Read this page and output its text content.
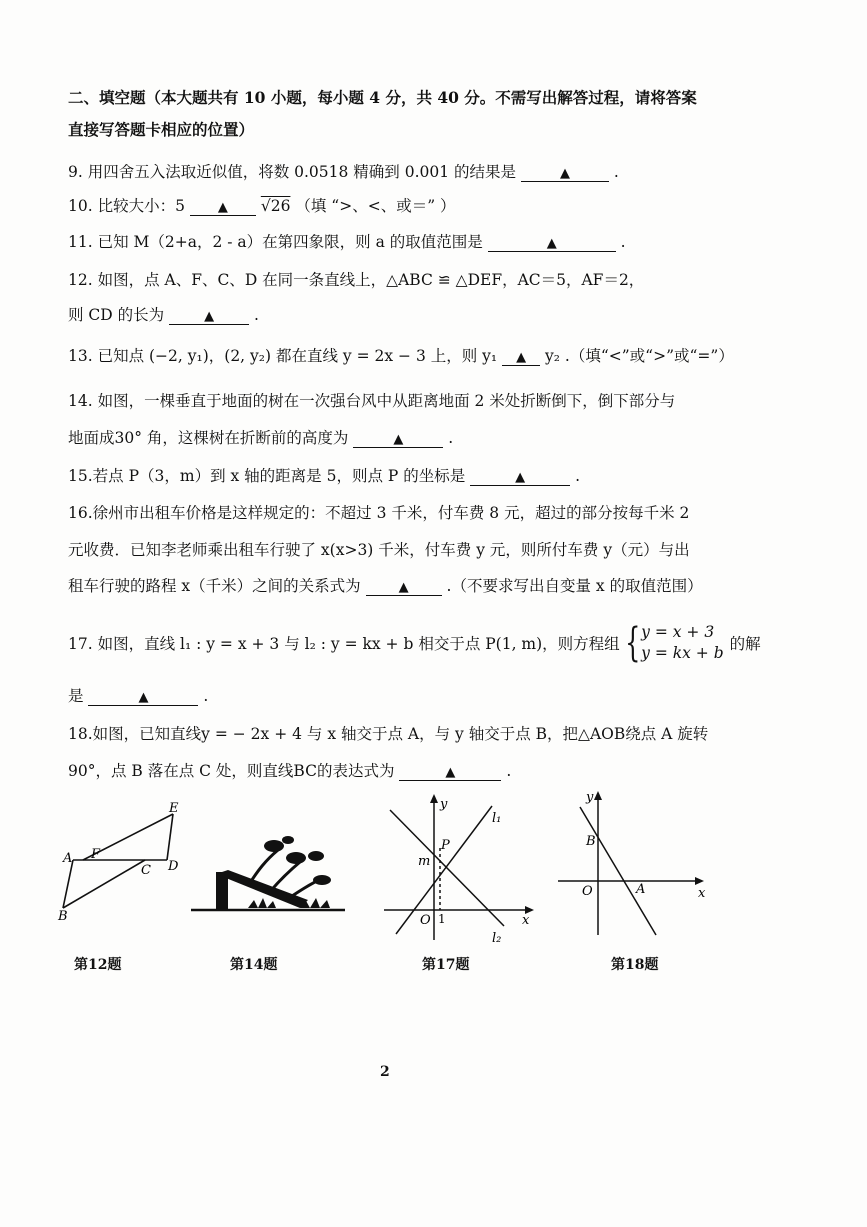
二、填空题（本大题共有 10 小题，每小题 4 分，共 40 分。不需写出解答过程，请将答案
直接写答题卡相应的位置）
9. 用四舍五入法取近似值，将数 0.0518 精确到 0.001 的结果是	▲	.
10. 比较大小：5	▲ √26 （填 “>、<、或＝” ）
11. 已知 M（2+a，2 - a）在第四象限，则 a 的取值范围是	▲	.
12. 如图，点 A、F、C、D 在同一条直线上，△ABC ≌ △DEF，AC＝5，AF＝2，
则 CD 的长为	▲	.
13. 已知点 (−2, y₁)，(2, y₂) 都在直线 y = 2x − 3 上，则 y₁ ▲ y₂ .（填“<”或“>”或“=”）
14. 如图，一棵垂直于地面的树在一次强台风中从距离地面 2 米处折断倒下，倒下部分与
地面成30° 角，这棵树在折断前的高度为	▲	.
15.若点 P（3，m）到 x 轴的距离是 5，则点 P 的坐标是	▲	.
16.徐州市出租车价格是这样规定的：不超过 3 千米，付车费 8 元，超过的部分按每千米 2
元收费．已知李老师乘出租车行驶了 x(x>3) 千米，付车费 y 元，则所付车费 y（元）与出
租车行驶的路程 x（千米）之间的关系式为	▲ .（不要求写出自变量 x 的取值范围）
17. 如图，直线 l₁ : y = x + 3 与 l₂ : y = kx + b 相交于点 P(1, m)，则方程组 { y = x + 3
y = kx + b 的解
是	▲	.
18.如图，已知直线y = − 2x + 4 与 x 轴交于点 A，与 y 轴交于点 B，把△AOB绕点 A 旋转
90°，点 B 落在点 C 处，则直线BC的表达式为	▲	.
A F
C D
E
B
第12题	第14题
y
x
O
P
m
1
l₁
l₂
第17题
y
x
O	A
B
第18题
2
